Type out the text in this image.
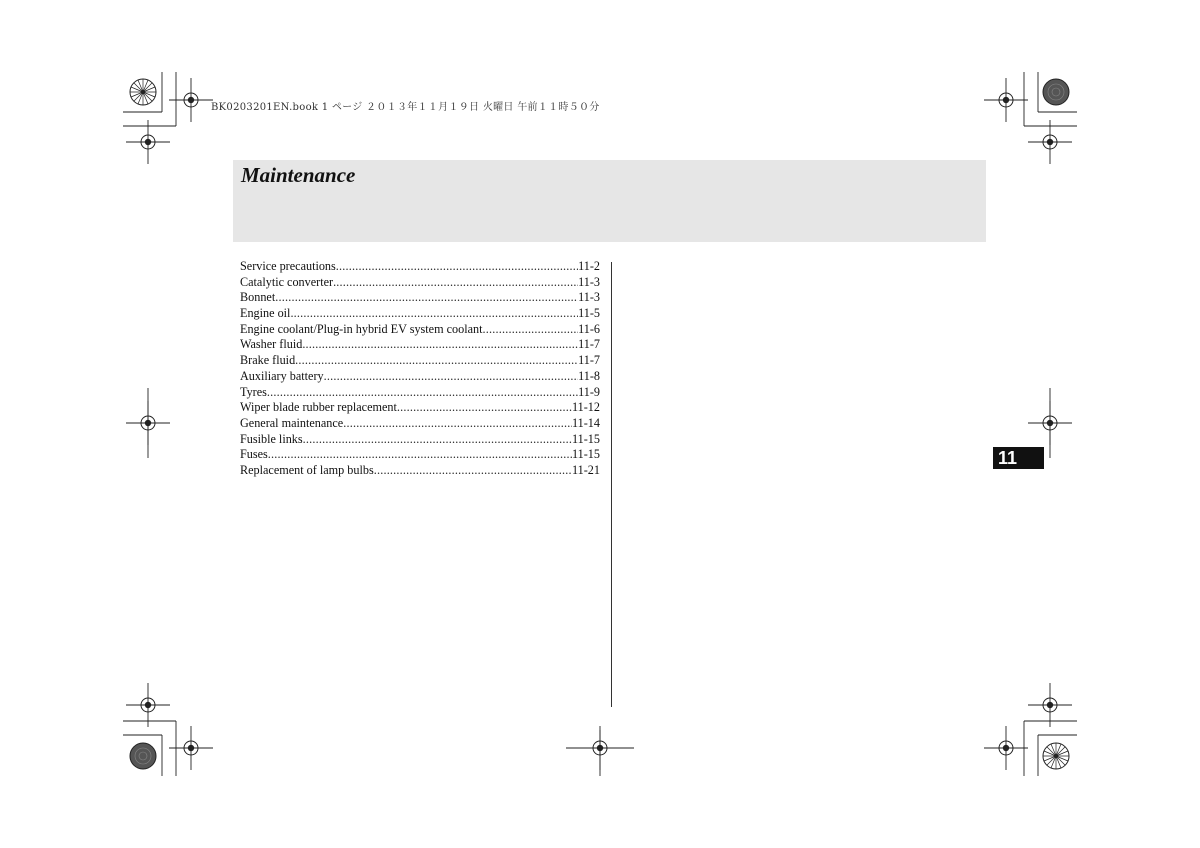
BK0203201EN.book 1 ページ ２０１３年１１月１９日 火曜日 午前１１時５０分
Maintenance
Service precautions .....	11-2
Catalytic converter .....	11-3
Bonnet .....	11-3
Engine oil .....	11-5
Engine coolant/Plug-in hybrid EV system coolant .....	11-6
Washer fluid .....	11-7
Brake fluid .....	11-7
Auxiliary battery .....	11-8
Tyres .....	11-9
Wiper blade rubber replacement .....	11-12
General maintenance .....	11-14
Fusible links .....	11-15
Fuses .....	11-15
Replacement of lamp bulbs .....	11-21
11
